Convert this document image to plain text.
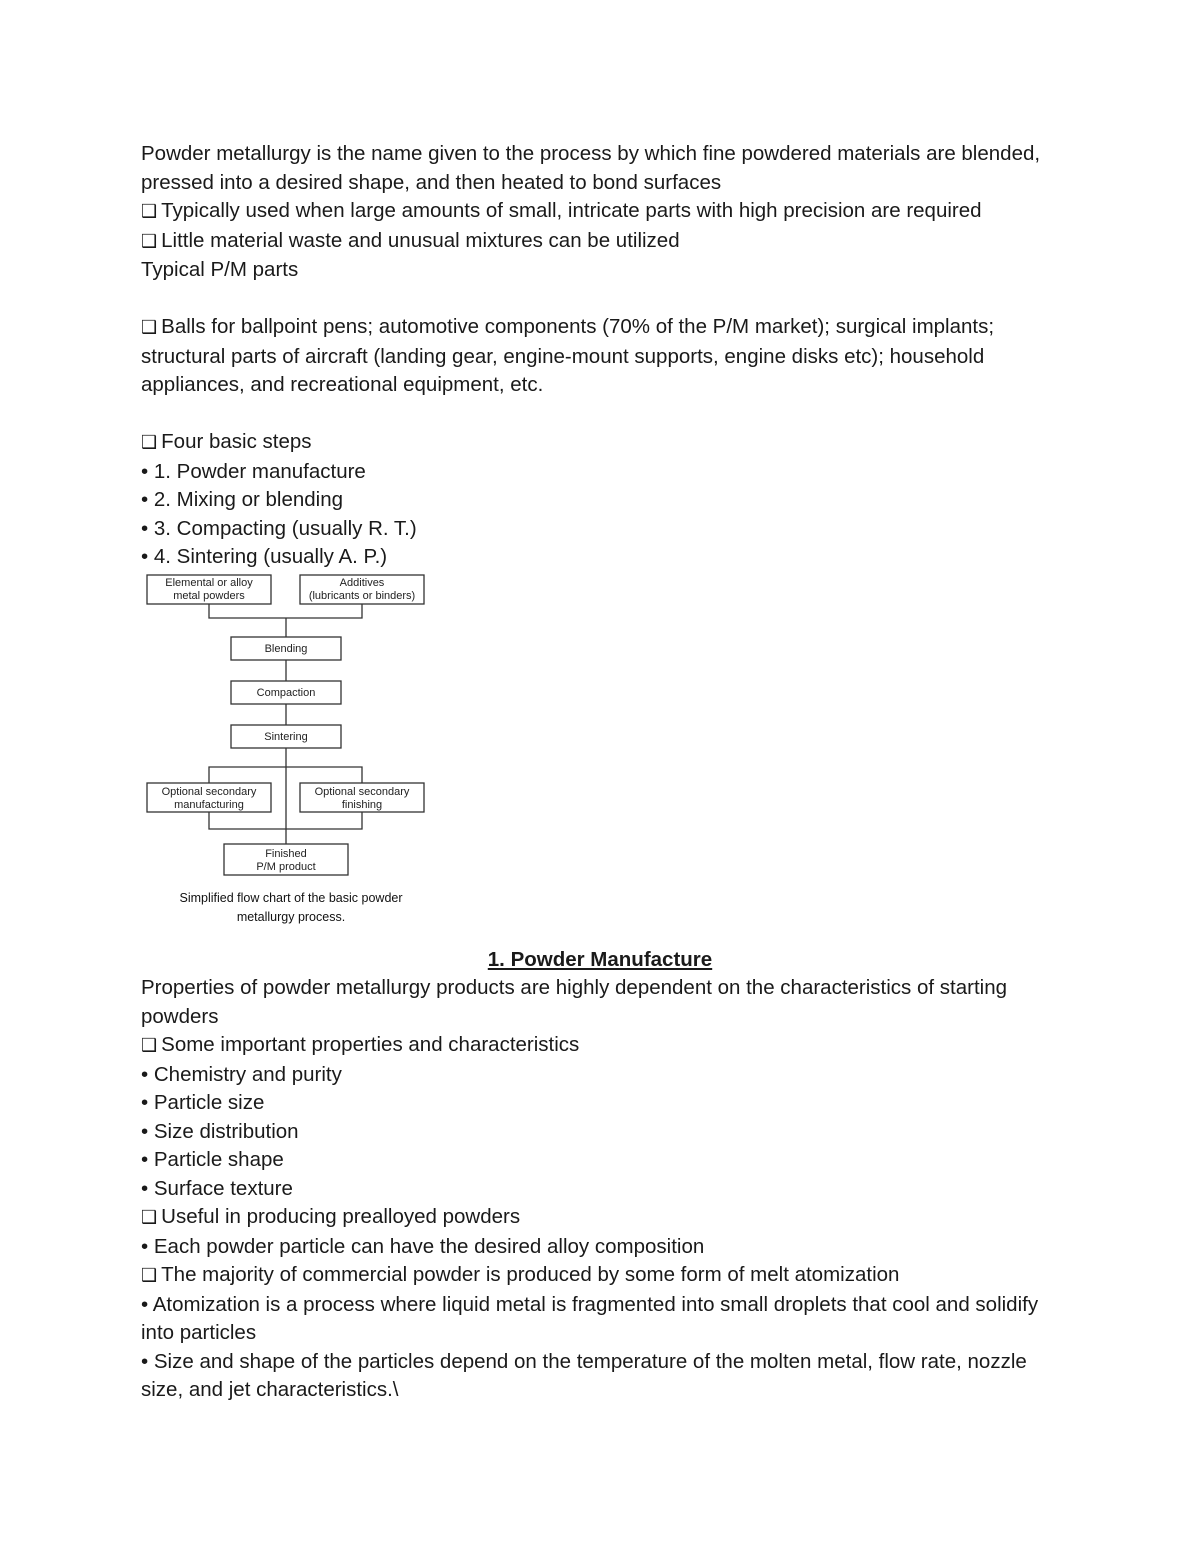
Powder metallurgy is the name given to the process by which fine powdered materials are blended, pressed into a desired shape, and then heated to bond surfaces
❑ Typically used when large amounts of small, intricate parts with high precision are required
❑ Little material waste and unusual mixtures can be utilized
Typical P/M parts
❑ Balls for ballpoint pens; automotive components (70% of the P/M market); surgical implants; structural parts of aircraft (landing gear, engine-mount supports, engine disks etc); household appliances, and recreational equipment, etc.
❑ Four basic steps
• 1. Powder manufacture
• 2. Mixing or blending
• 3. Compacting (usually R. T.)
• 4. Sintering (usually A. P.)
Elemental or alloy
metal powders
Additives
(lubricants or binders)
Blending
Compaction
Sintering
Optional secondary
manufacturing
Optional secondary
finishing
Finished
P/M product
Simplified flow chart of the basic powder
metallurgy process.
1. Powder Manufacture
Properties of powder metallurgy products are highly dependent on the characteristics of starting powders
❑ Some important properties and characteristics
• Chemistry and purity
• Particle size
• Size distribution
• Particle shape
• Surface texture
❑ Useful in producing prealloyed powders
• Each powder particle can have the desired alloy composition
❑ The majority of commercial powder is produced by some form of melt atomization
• Atomization is a process where liquid metal is fragmented into small droplets that cool and solidify into particles
• Size and shape of the particles depend on the temperature of the molten metal, flow rate, nozzle size, and jet characteristics.\
